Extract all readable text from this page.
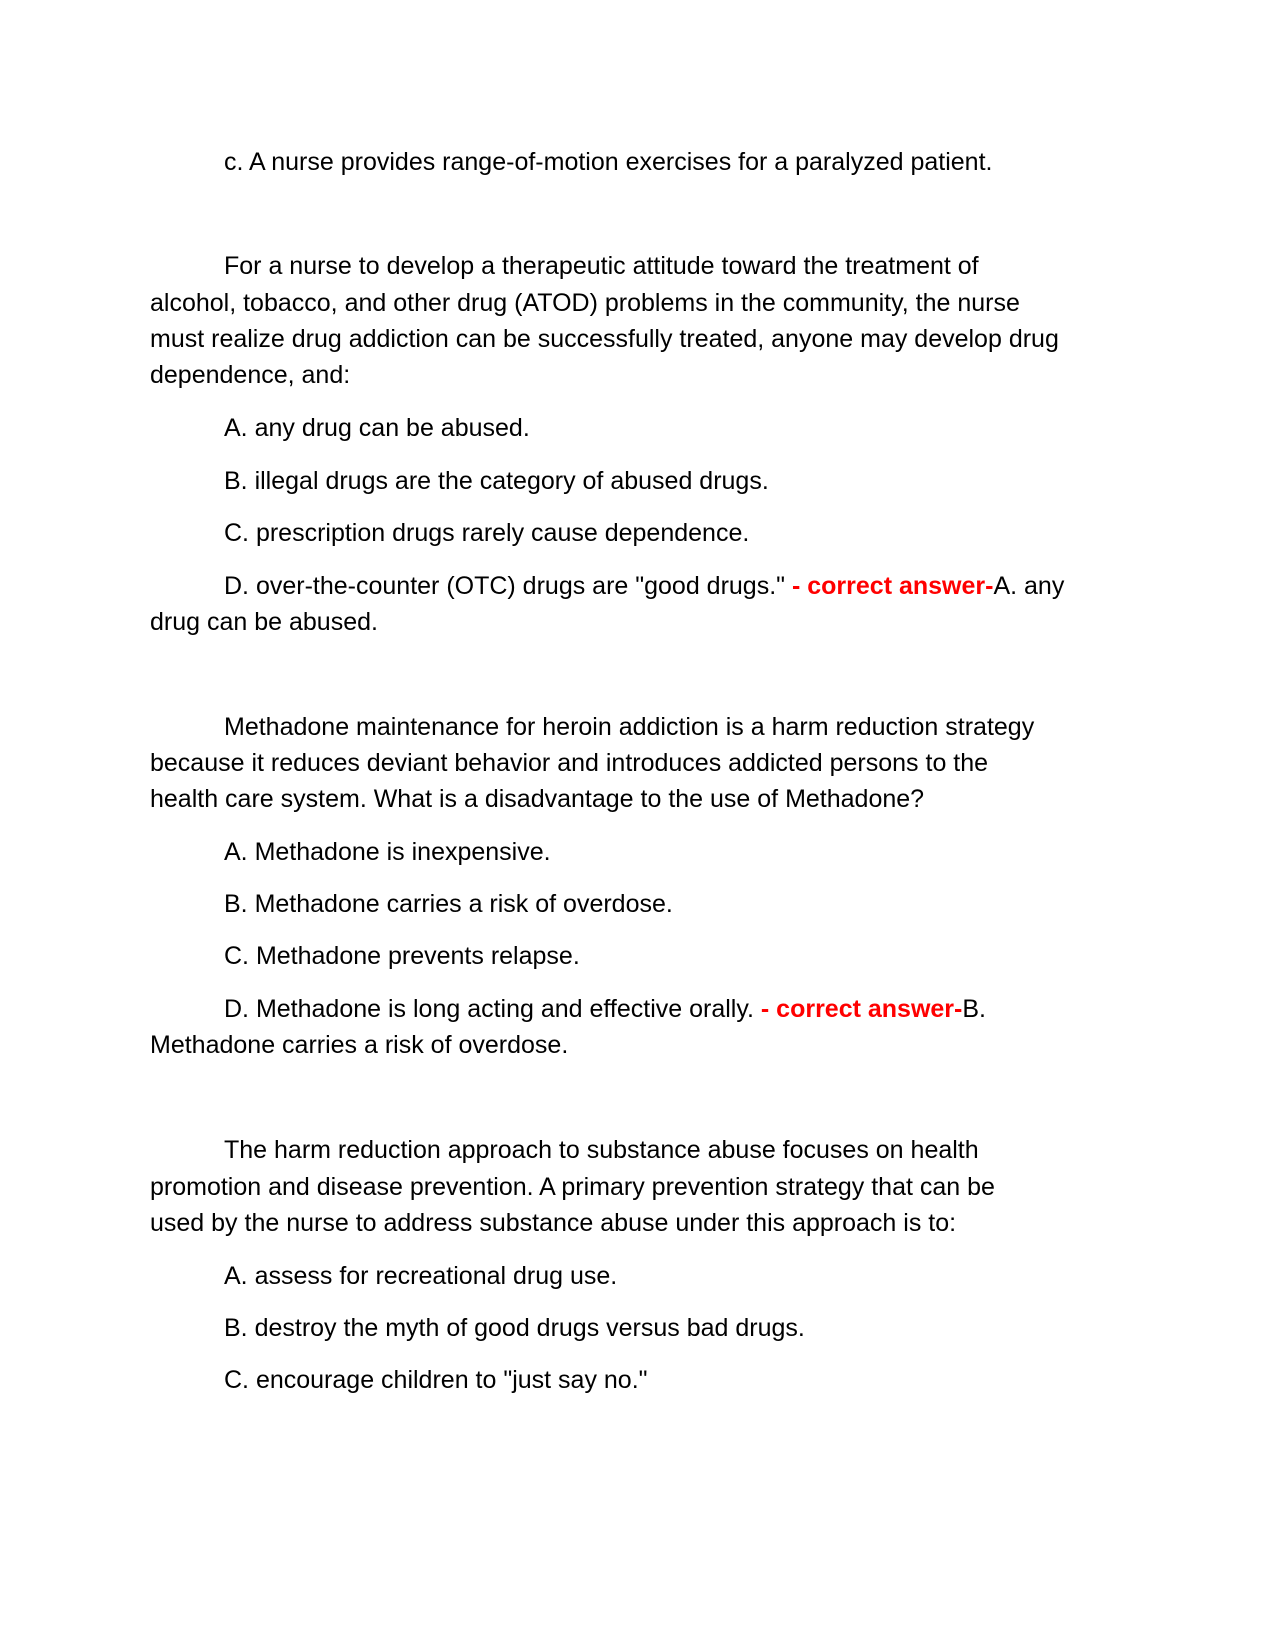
c. A nurse provides range-of-motion exercises for a paralyzed patient.

For a nurse to develop a therapeutic attitude toward the treatment of

alcohol, tobacco, and other drug (ATOD) problems in the community, the nurse

must realize drug addiction can be successfully treated, anyone may develop drug

dependence, and:

A. any drug can be abused.

B. illegal drugs are the category of abused drugs.

C. prescription drugs rarely cause dependence.

D. over-the-counter (OTC) drugs are "good drugs." - correct answer-A. any

drug can be abused.

Methadone maintenance for heroin addiction is a harm reduction strategy

because it reduces deviant behavior and introduces addicted persons to the

health care system. What is a disadvantage to the use of Methadone?

A. Methadone is inexpensive.

B. Methadone carries a risk of overdose.

C. Methadone prevents relapse.

D. Methadone is long acting and effective orally. - correct answer-B.

Methadone carries a risk of overdose.

The harm reduction approach to substance abuse focuses on health

promotion and disease prevention. A primary prevention strategy that can be

used by the nurse to address substance abuse under this approach is to:

A. assess for recreational drug use.

B. destroy the myth of good drugs versus bad drugs.

C. encourage children to "just say no."
